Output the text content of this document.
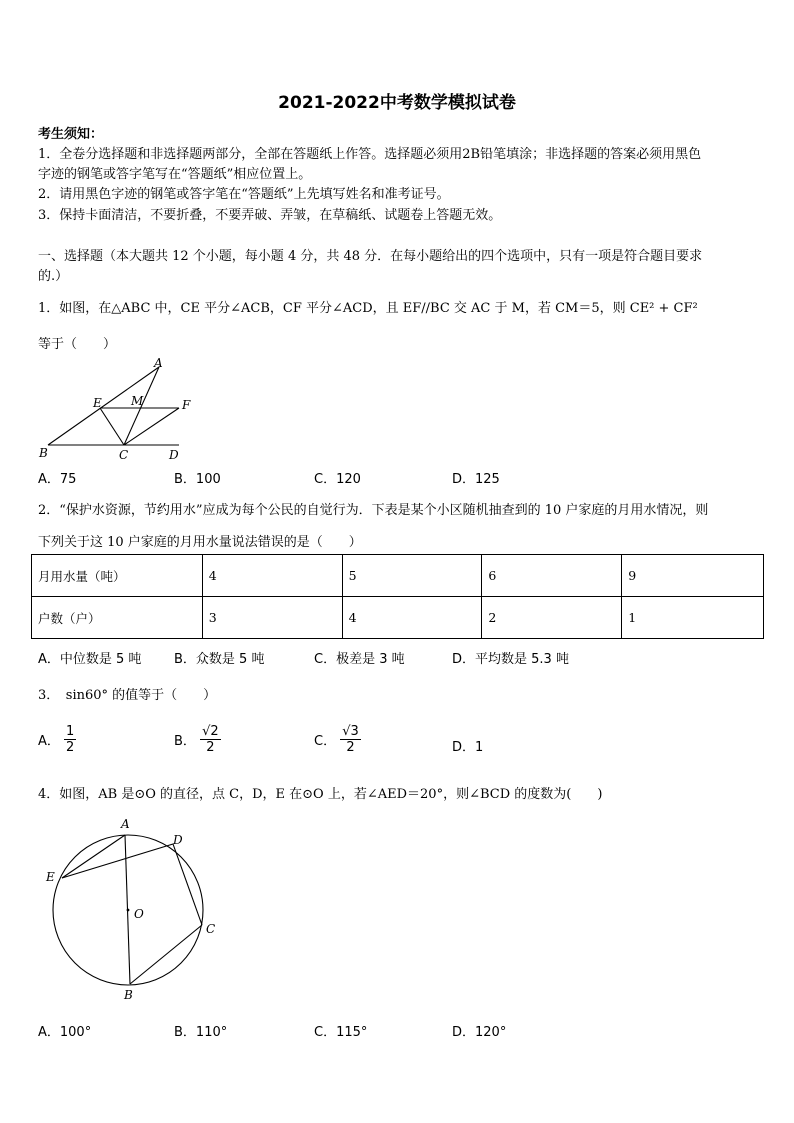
2021-2022中考数学模拟试卷
考生须知：
1．全卷分选择题和非选择题两部分，全部在答题纸上作答。选择题必须用2B铅笔填涂；非选择题的答案必须用黑色
字迹的钢笔或答字笔写在“答题纸”相应位置上。
2．请用黑色字迹的钢笔或答字笔在“答题纸”上先填写姓名和准考证号。
3．保持卡面清洁，不要折叠，不要弄破、弄皱，在草稿纸、试题卷上答题无效。
一、选择题（本大题共 12 个小题，每小题 4 分，共 48 分．在每小题给出的四个选项中，只有一项是符合题目要求
的.）
1．如图，在△ABC 中，CE 平分∠ACB，CF 平分∠ACD，且 EF//BC 交 AC 于 M，若 CM＝5，则 CE² + CF²
等于（　　）
A
E M	F
B	C	D
A．75	B．100	C．120	D．125
2．“保护水资源，节约用水”应成为每个公民的自觉行为．下表是某个小区随机抽查到的 10 户家庭的月用水情况，则
下列关于这 10 户家庭的月用水量说法错误的是（　　）
月用水量（吨）	4	5	6	9
户数（户）	3	4	2	1
A．中位数是 5 吨	B．众数是 5 吨	C．极差是 3 吨	D．平均数是 5.3 吨
3．　sin60° 的值等于（　　）
A． $\frac{1}{2}$	B． $\frac{√2}{2}$	C． $\frac{√3}{2}$	D．1
4．如图，AB 是⊙O 的直径，点 C，D，E 在⊙O 上，若∠AED＝20°，则∠BCD 的度数为(　　)
A
D
E
O
C
B
A．100°	B．110°	C．115°	D．120°
